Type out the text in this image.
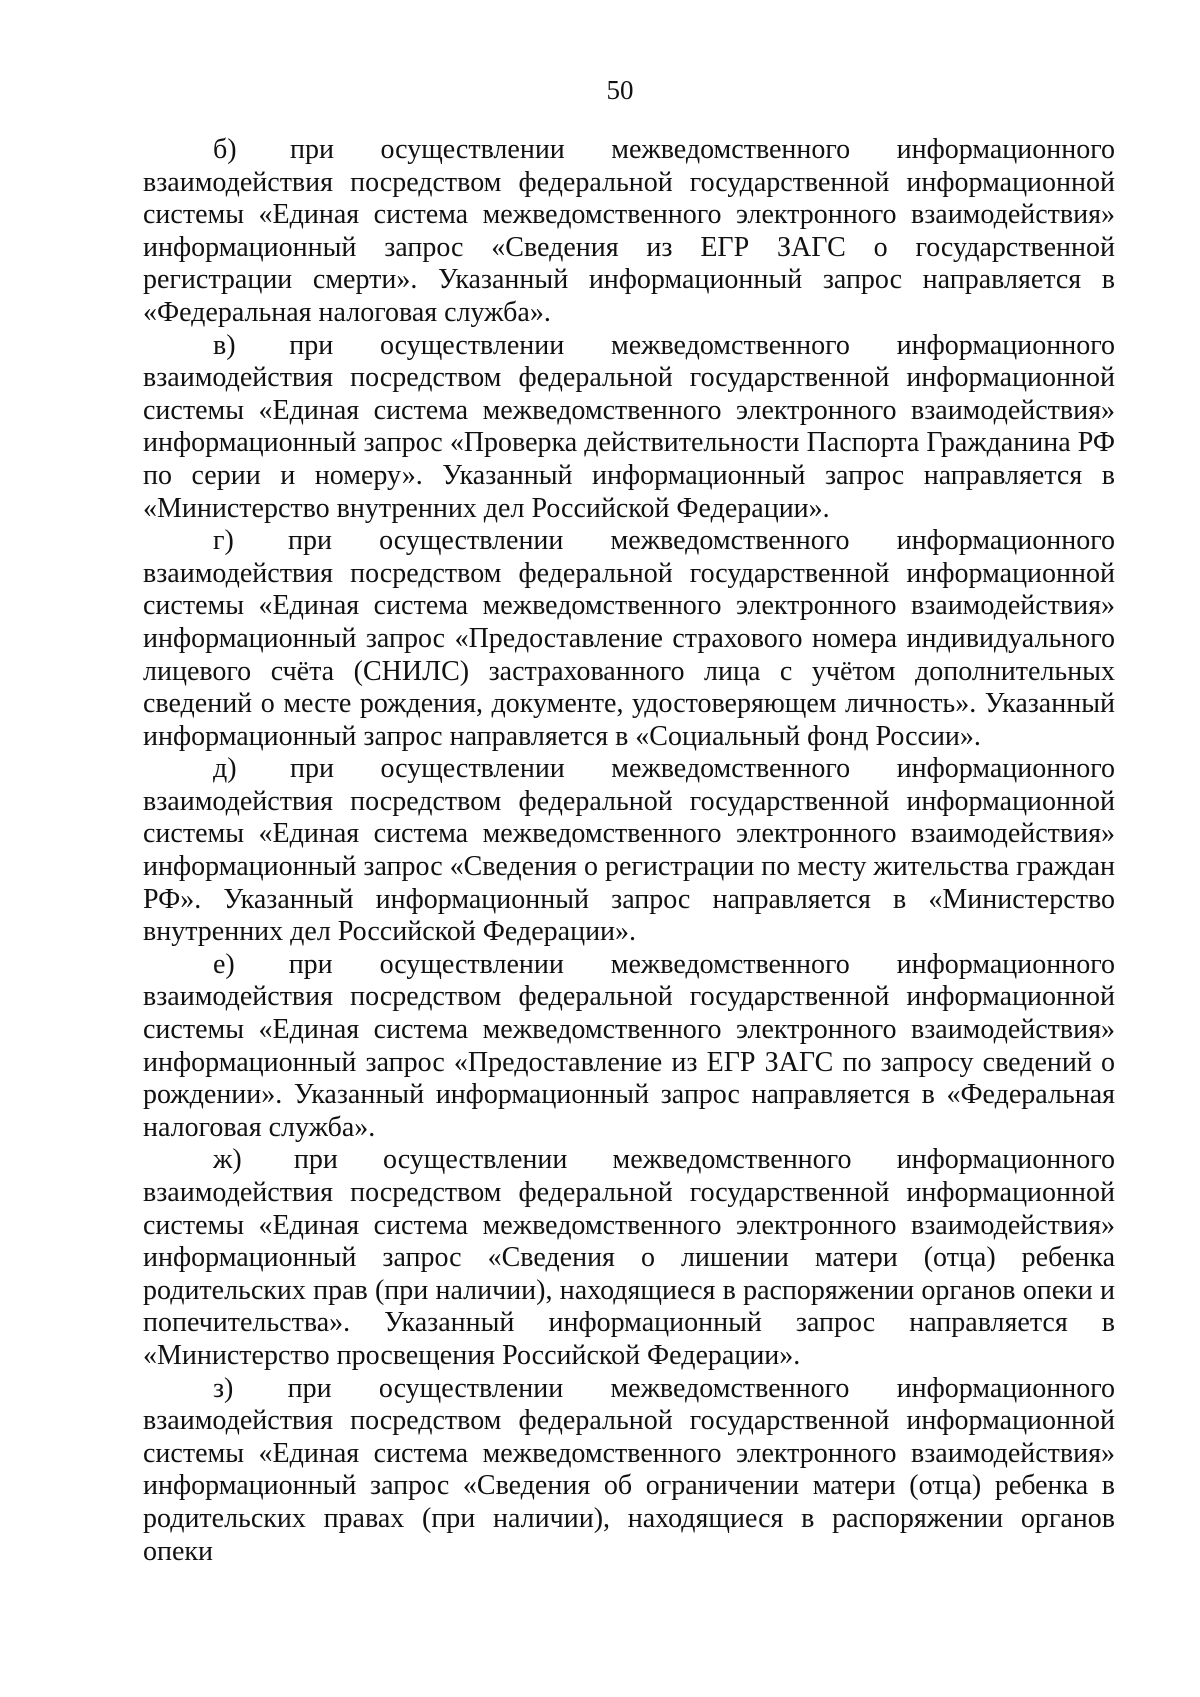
50

б) при осуществлении межведомственного информационного взаимодействия посредством федеральной государственной информационной системы «Единая система межведомственного электронного взаимодействия» информационный запрос «Сведения из ЕГР ЗАГС о государственной регистрации смерти». Указанный информационный запрос направляется в «Федеральная налоговая служба».

в) при осуществлении межведомственного информационного взаимодействия посредством федеральной государственной информационной системы «Единая система межведомственного электронного взаимодействия» информационный запрос «Проверка действительности Паспорта Гражданина РФ по серии и номеру». Указанный информационный запрос направляется в «Министерство внутренних дел Российской Федерации».

г) при осуществлении межведомственного информационного взаимодействия посредством федеральной государственной информационной системы «Единая система межведомственного электронного взаимодействия» информационный запрос «Предоставление страхового номера индивидуального лицевого счёта (СНИЛС) застрахованного лица с учётом дополнительных сведений о месте рождения, документе, удостоверяющем личность». Указанный информационный запрос направляется в «Социальный фонд России».

д) при осуществлении межведомственного информационного взаимодействия посредством федеральной государственной информационной системы «Единая система межведомственного электронного взаимодействия» информационный запрос «Сведения о регистрации по месту жительства граждан РФ». Указанный информационный запрос направляется в «Министерство внутренних дел Российской Федерации».

е) при осуществлении межведомственного информационного взаимодействия посредством федеральной государственной информационной системы «Единая система межведомственного электронного взаимодействия» информационный запрос «Предоставление из ЕГР ЗАГС по запросу сведений о рождении». Указанный информационный запрос направляется в «Федеральная налоговая служба».

ж) при осуществлении межведомственного информационного взаимодействия посредством федеральной государственной информационной системы «Единая система межведомственного электронного взаимодействия» информационный запрос «Сведения о лишении матери (отца) ребенка родительских прав (при наличии), находящиеся в распоряжении органов опеки и попечительства». Указанный информационный запрос направляется в «Министерство просвещения Российской Федерации».

з) при осуществлении межведомственного информационного взаимодействия посредством федеральной государственной информационной системы «Единая система межведомственного электронного взаимодействия» информационный запрос «Сведения об ограничении матери (отца) ребенка в родительских правах (при наличии), находящиеся в распоряжении органов опеки
